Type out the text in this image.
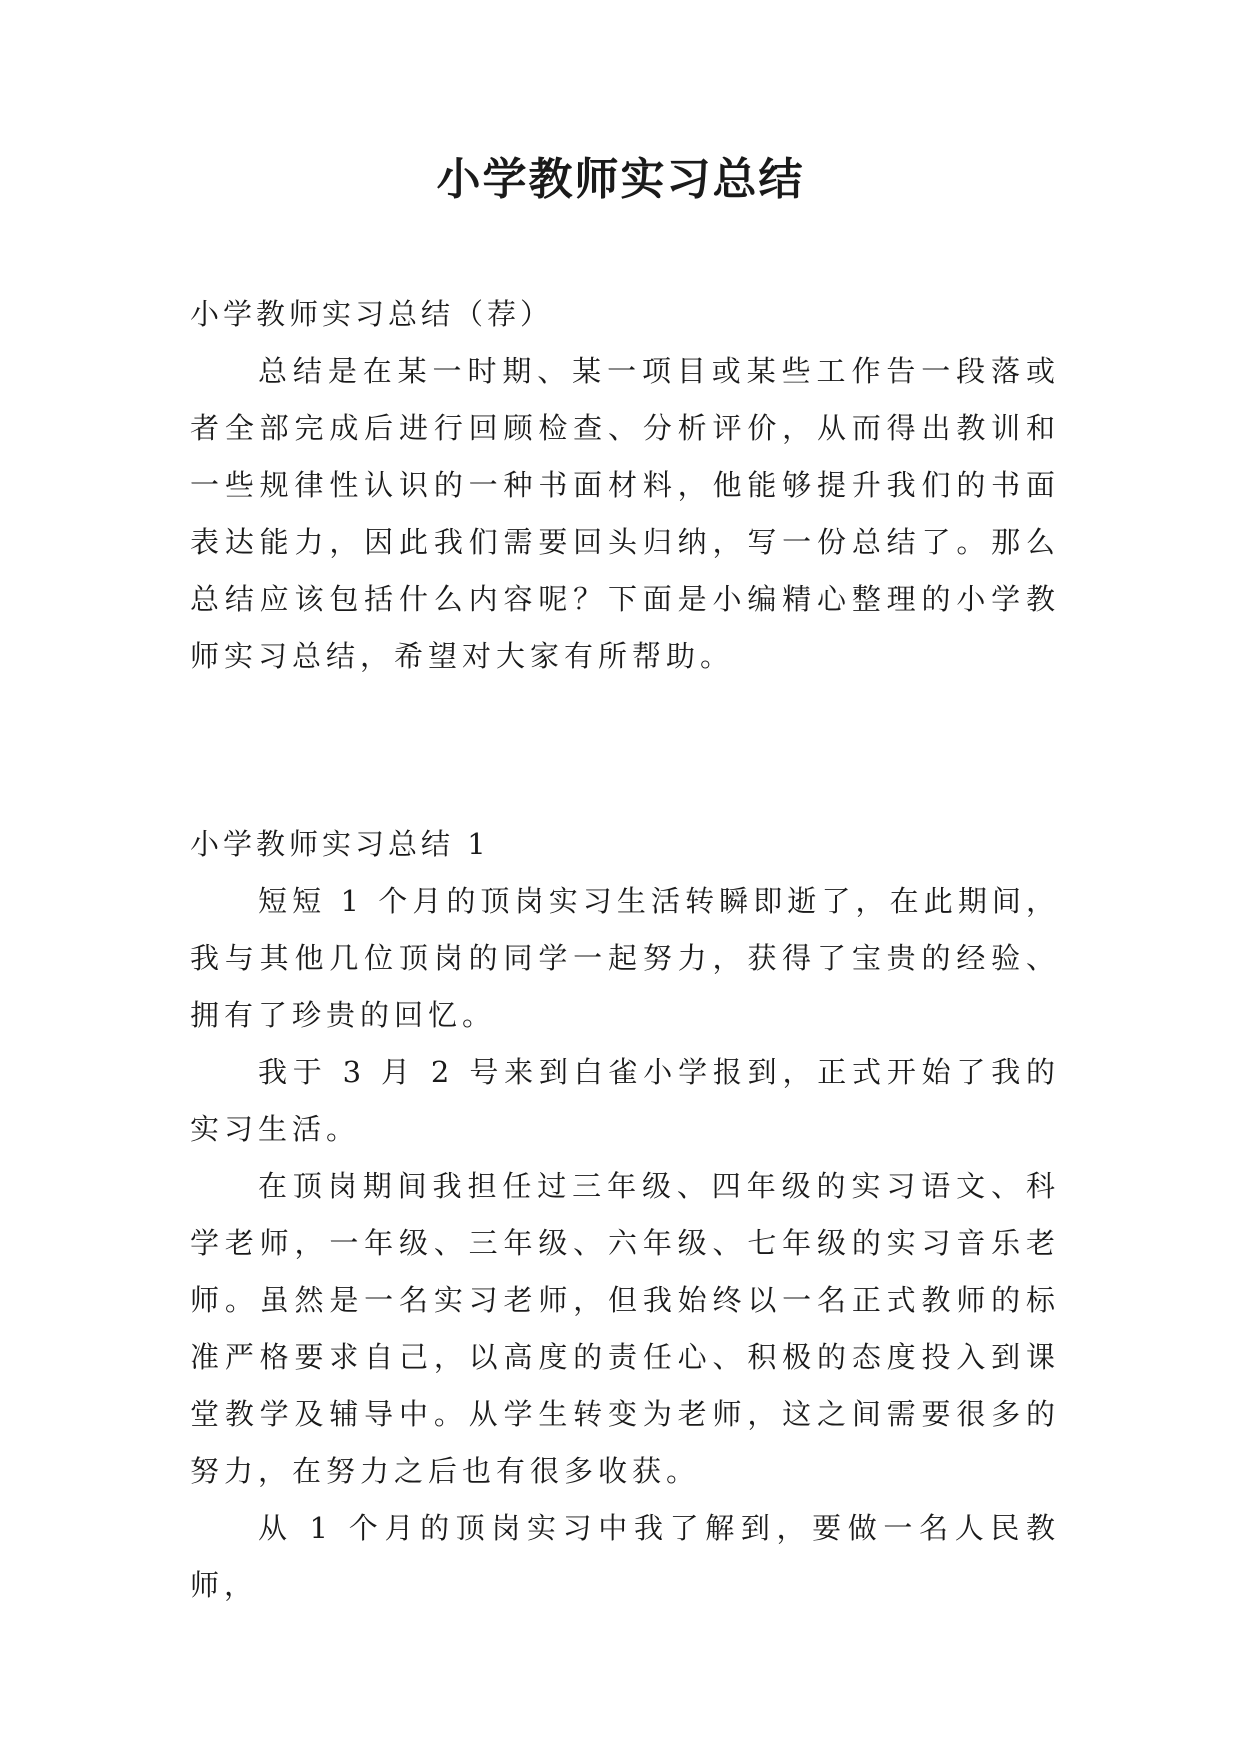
小学教师实习总结

小学教师实习总结（荐）

总结是在某一时期、某一项目或某些工作告一段落或者全部完成后进行回顾检查、分析评价，从而得出教训和一些规律性认识的一种书面材料，他能够提升我们的书面表达能力，因此我们需要回头归纳，写一份总结了。那么总结应该包括什么内容呢？下面是小编精心整理的小学教师实习总结，希望对大家有所帮助。

小学教师实习总结 1

短短 1 个月的顶岗实习生活转瞬即逝了，在此期间，我与其他几位顶岗的同学一起努力，获得了宝贵的经验、拥有了珍贵的回忆。

我于 3 月 2 号来到白雀小学报到，正式开始了我的实习生活。

在顶岗期间我担任过三年级、四年级的实习语文、科学老师，一年级、三年级、六年级、七年级的实习音乐老师。虽然是一名实习老师，但我始终以一名正式教师的标准严格要求自己，以高度的责任心、积极的态度投入到课堂教学及辅导中。从学生转变为老师，这之间需要很多的努力，在努力之后也有很多收获。

从 1 个月的顶岗实习中我了解到，要做一名人民教师，
